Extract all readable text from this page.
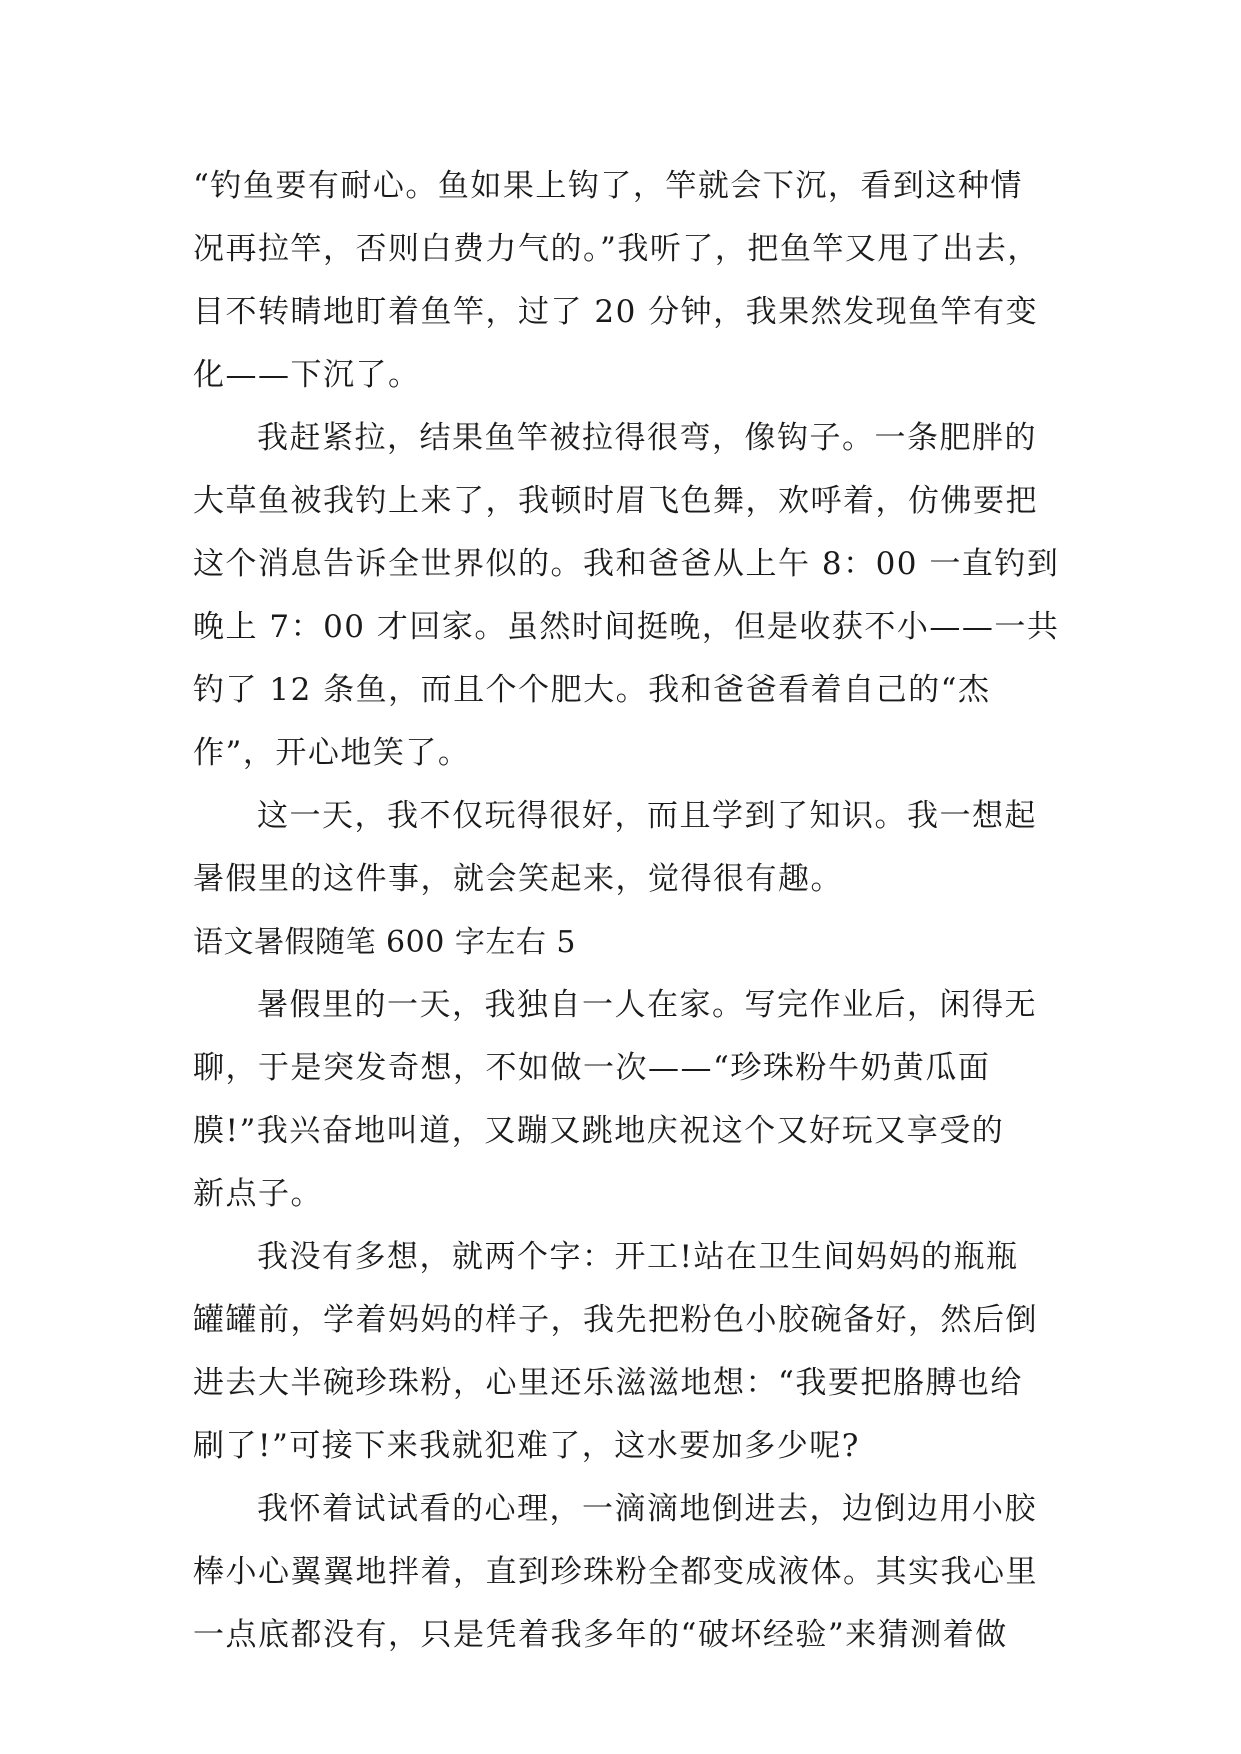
“钓鱼要有耐心。鱼如果上钩了，竿就会下沉，看到这种情
况再拉竿，否则白费力气的。”我听了，把鱼竿又甩了出去，
目不转睛地盯着鱼竿，过了 20 分钟，我果然发现鱼竿有变
化——下沉了。
我赶紧拉，结果鱼竿被拉得很弯，像钩子。一条肥胖的
大草鱼被我钓上来了，我顿时眉飞色舞，欢呼着，仿佛要把
这个消息告诉全世界似的。我和爸爸从上午 8：00 一直钓到
晚上 7：00 才回家。虽然时间挺晚，但是收获不小——一共
钓了 12 条鱼，而且个个肥大。我和爸爸看着自己的“杰
作”，开心地笑了。
这一天，我不仅玩得很好，而且学到了知识。我一想起
暑假里的这件事，就会笑起来，觉得很有趣。
语文暑假随笔 600 字左右 5
暑假里的一天，我独自一人在家。写完作业后，闲得无
聊，于是突发奇想，不如做一次——“珍珠粉牛奶黄瓜面
膜!”我兴奋地叫道，又蹦又跳地庆祝这个又好玩又享受的
新点子。
我没有多想，就两个字：开工!站在卫生间妈妈的瓶瓶
罐罐前，学着妈妈的样子，我先把粉色小胶碗备好，然后倒
进去大半碗珍珠粉，心里还乐滋滋地想：“我要把胳膊也给
刷了!”可接下来我就犯难了，这水要加多少呢?
我怀着试试看的心理，一滴滴地倒进去，边倒边用小胶
棒小心翼翼地拌着，直到珍珠粉全都变成液体。其实我心里
一点底都没有，只是凭着我多年的“破坏经验”来猜测着做
